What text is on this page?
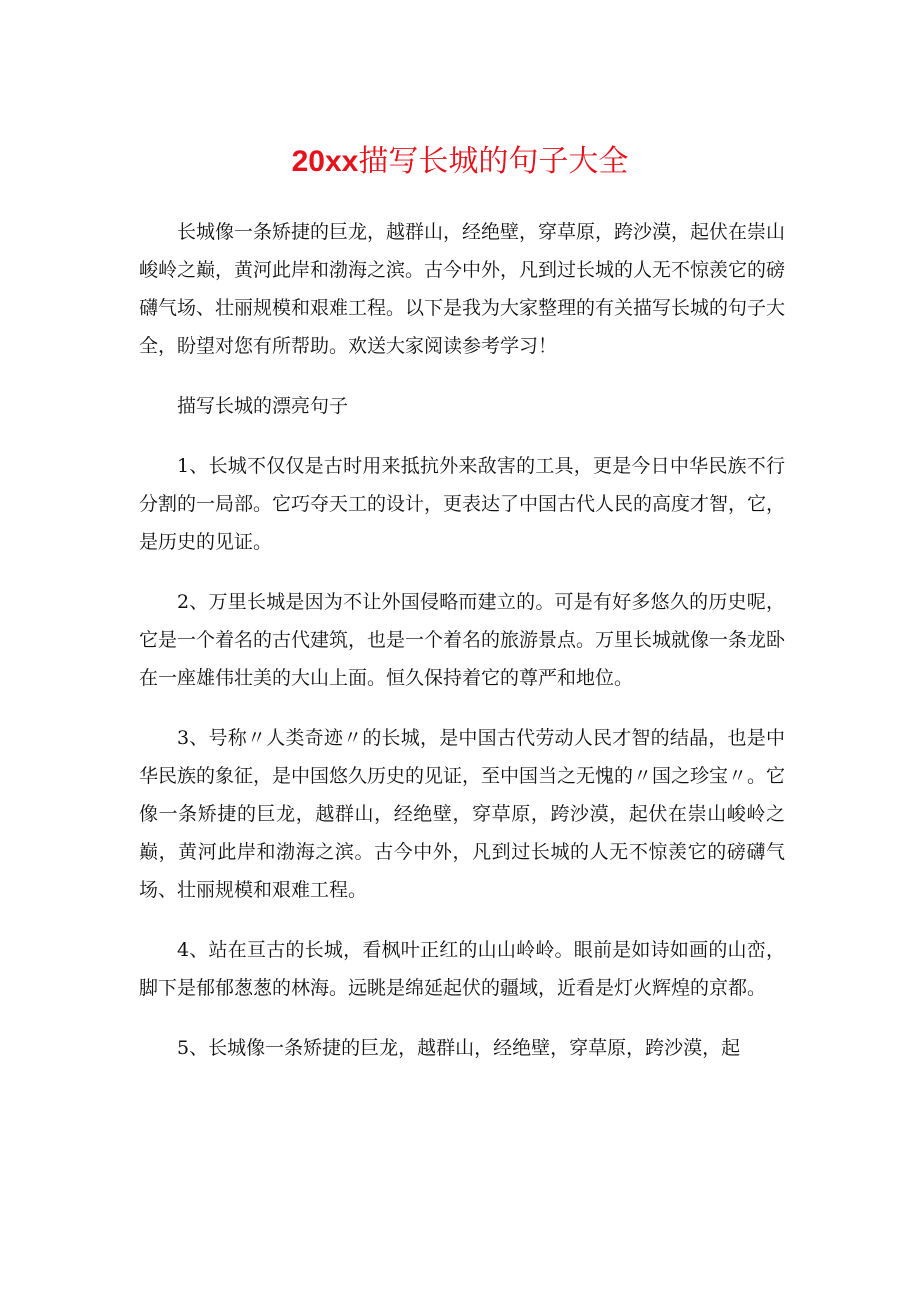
20xx描写长城的句子大全

长城像一条矫捷的巨龙，越群山，经绝壁，穿草原，跨沙漠，起伏在崇山峻岭之巅，黄河此岸和渤海之滨。古今中外，凡到过长城的人无不惊羡它的磅礴气场、壮丽规模和艰难工程。以下是我为大家整理的有关描写长城的句子大全，盼望对您有所帮助。欢送大家阅读参考学习！

描写长城的漂亮句子

1、长城不仅仅是古时用来抵抗外来敌害的工具，更是今日中华民族不行分割的一局部。它巧夺天工的设计，更表达了中国古代人民的高度才智，它，是历史的见证。

2、万里长城是因为不让外国侵略而建立的。可是有好多悠久的历史呢，它是一个着名的古代建筑，也是一个着名的旅游景点。万里长城就像一条龙卧在一座雄伟壮美的大山上面。恒久保持着它的尊严和地位。

3、号称〃人类奇迹〃的长城，是中国古代劳动人民才智的结晶，也是中华民族的象征，是中国悠久历史的见证，至中国当之无愧的〃国之珍宝〃。它像一条矫捷的巨龙，越群山，经绝壁，穿草原，跨沙漠，起伏在崇山峻岭之巅，黄河此岸和渤海之滨。古今中外，凡到过长城的人无不惊羡它的磅礴气场、壮丽规模和艰难工程。

4、站在亘古的长城，看枫叶正红的山山岭岭。眼前是如诗如画的山峦，脚下是郁郁葱葱的林海。远眺是绵延起伏的疆域，近看是灯火辉煌的京都。

5、长城像一条矫捷的巨龙，越群山，经绝壁，穿草原，跨沙漠，起
